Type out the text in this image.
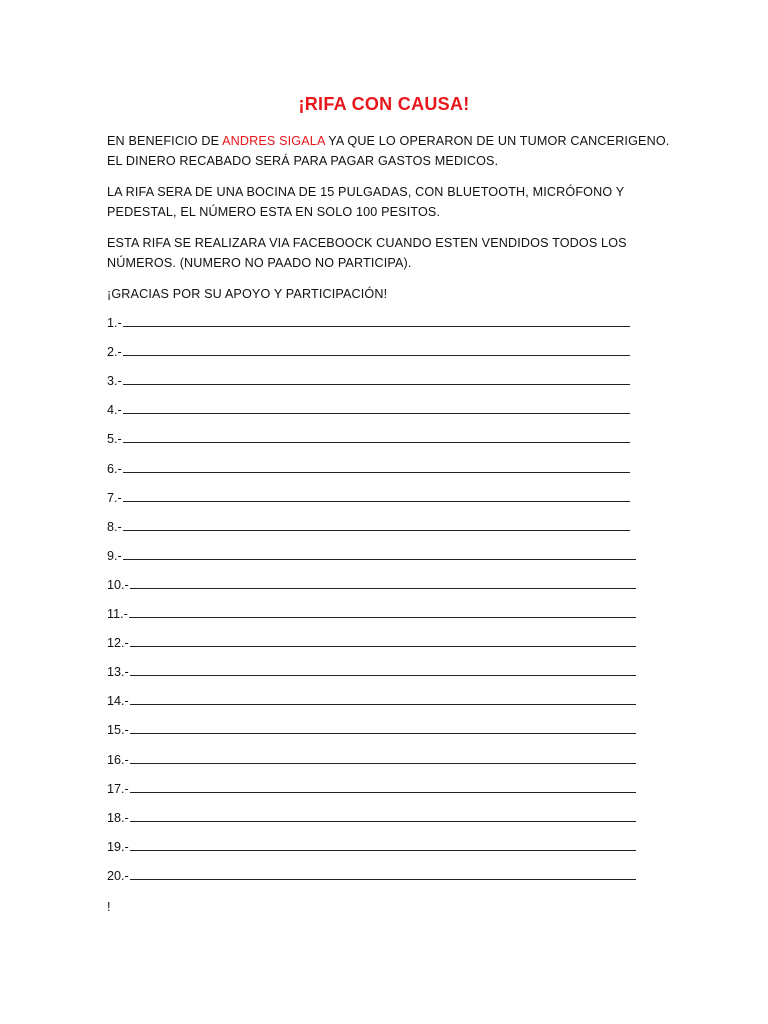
¡RIFA CON CAUSA!
EN BENEFICIO DE ANDRES SIGALA YA QUE LO OPERARON DE UN TUMOR CANCERIGENO.
EL DINERO RECABADO SERÁ PARA PAGAR GASTOS MEDICOS.
LA RIFA SERA DE UNA BOCINA DE 15 PULGADAS, CON BLUETOOTH, MICRÓFONO Y
PEDESTAL, EL NÚMERO ESTA EN SOLO 100 PESITOS.
ESTA RIFA SE REALIZARA VIA FACEBOOCK CUANDO ESTEN VENDIDOS TODOS LOS
NÚMEROS. (NUMERO NO PAADO NO PARTICIPA).
¡GRACIAS POR SU APOYO Y PARTICIPACIÓN!
1.-
2.-
3.-
4.-
5.-
6.-
7.-
8.-
9.-
10.-
11.-
12.-
13.-
14.-
15.-
16.-
17.-
18.-
19.-
20.-
!
